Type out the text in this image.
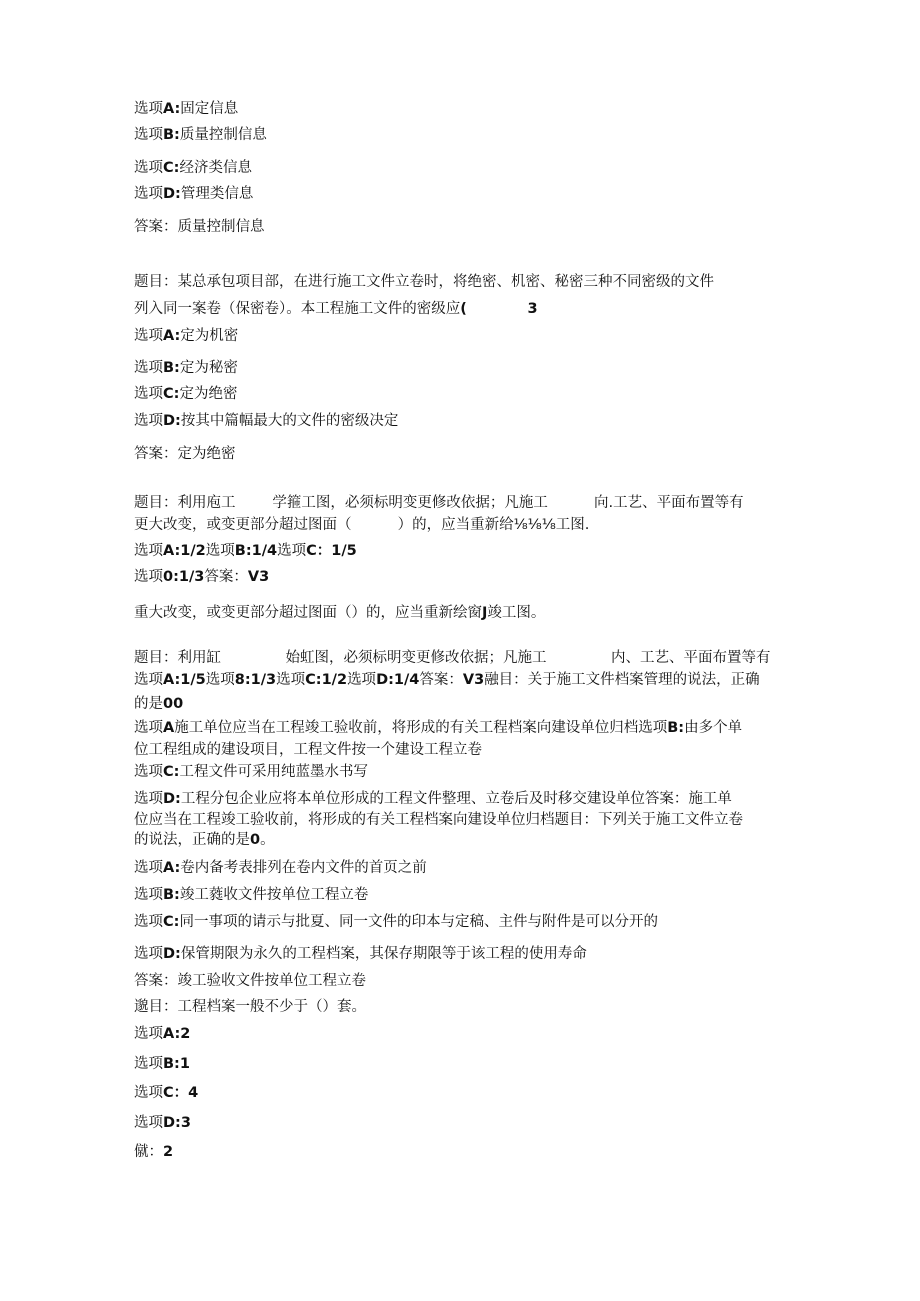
选项A:固定信息
选项B:质量控制信息
选项C:经济类信息
选项D:管理类信息
答案：质量控制信息
题目：某总承包项目部，在进行施工文件立卷时，将绝密、机密、秘密三种不同密级的文件
列入同一案卷（保密卷）。本工程施工文件的密级应(            3
选项A:定为机密
选项B:定为秘密
选项C:定为绝密
选项D:按其中篇幅最大的文件的密级决定
答案：定为绝密
题目：利用庖工        学箍工图，必须标明变更修改依据；凡施工          向.工艺、平面布置等有
更大改变，或变更部分超过图面（          ）的，应当重新给⅛⅛⅛工图.
选项A:1/2选项B:1/4选项C：1/5
选项0:1/3答案：V3
重大改变，或变更部分超过图面（）的，应当重新绘窗J竣工图。
题目：利用缸              始虹图，必须标明变更修改依据；凡施工              内、工艺、平面布置等有
选项A:1/5选项8:1/3选项C:1/2选项D:1/4答案：V3融目：关于施工文件档案管理的说法，正确
的是00
选项A施工单位应当在工程竣工验收前，将形成的有关工程档案向建设单位归档选项B:由多个单
位工程组成的建设项目，工程文件按一个建设工程立卷
选项C:工程文件可采用纯蓝墨水书写
选项D:工程分包企业应将本单位形成的工程文件整理、立卷后及时移交建设单位答案：施工单
位应当在工程竣工验收前，将形成的有关工程档案向建设单位归档题目：下列关于施工文件立卷
的说法，正确的是0。
选项A:卷内备考表排列在卷内文件的首页之前
选项B:竣工蕤收文件按单位工程立卷
选项C:同一事项的请示与批夏、同一文件的印本与定稿、主件与附件是可以分开的
选项D:保管期限为永久的工程档案，其保存期限等于该工程的使用寿命
答案：竣工验收文件按单位工程立卷
邈目：工程档案一般不少于（）套。
选项A:2
选项B:1
选项C：4
选项D:3
僦：2
